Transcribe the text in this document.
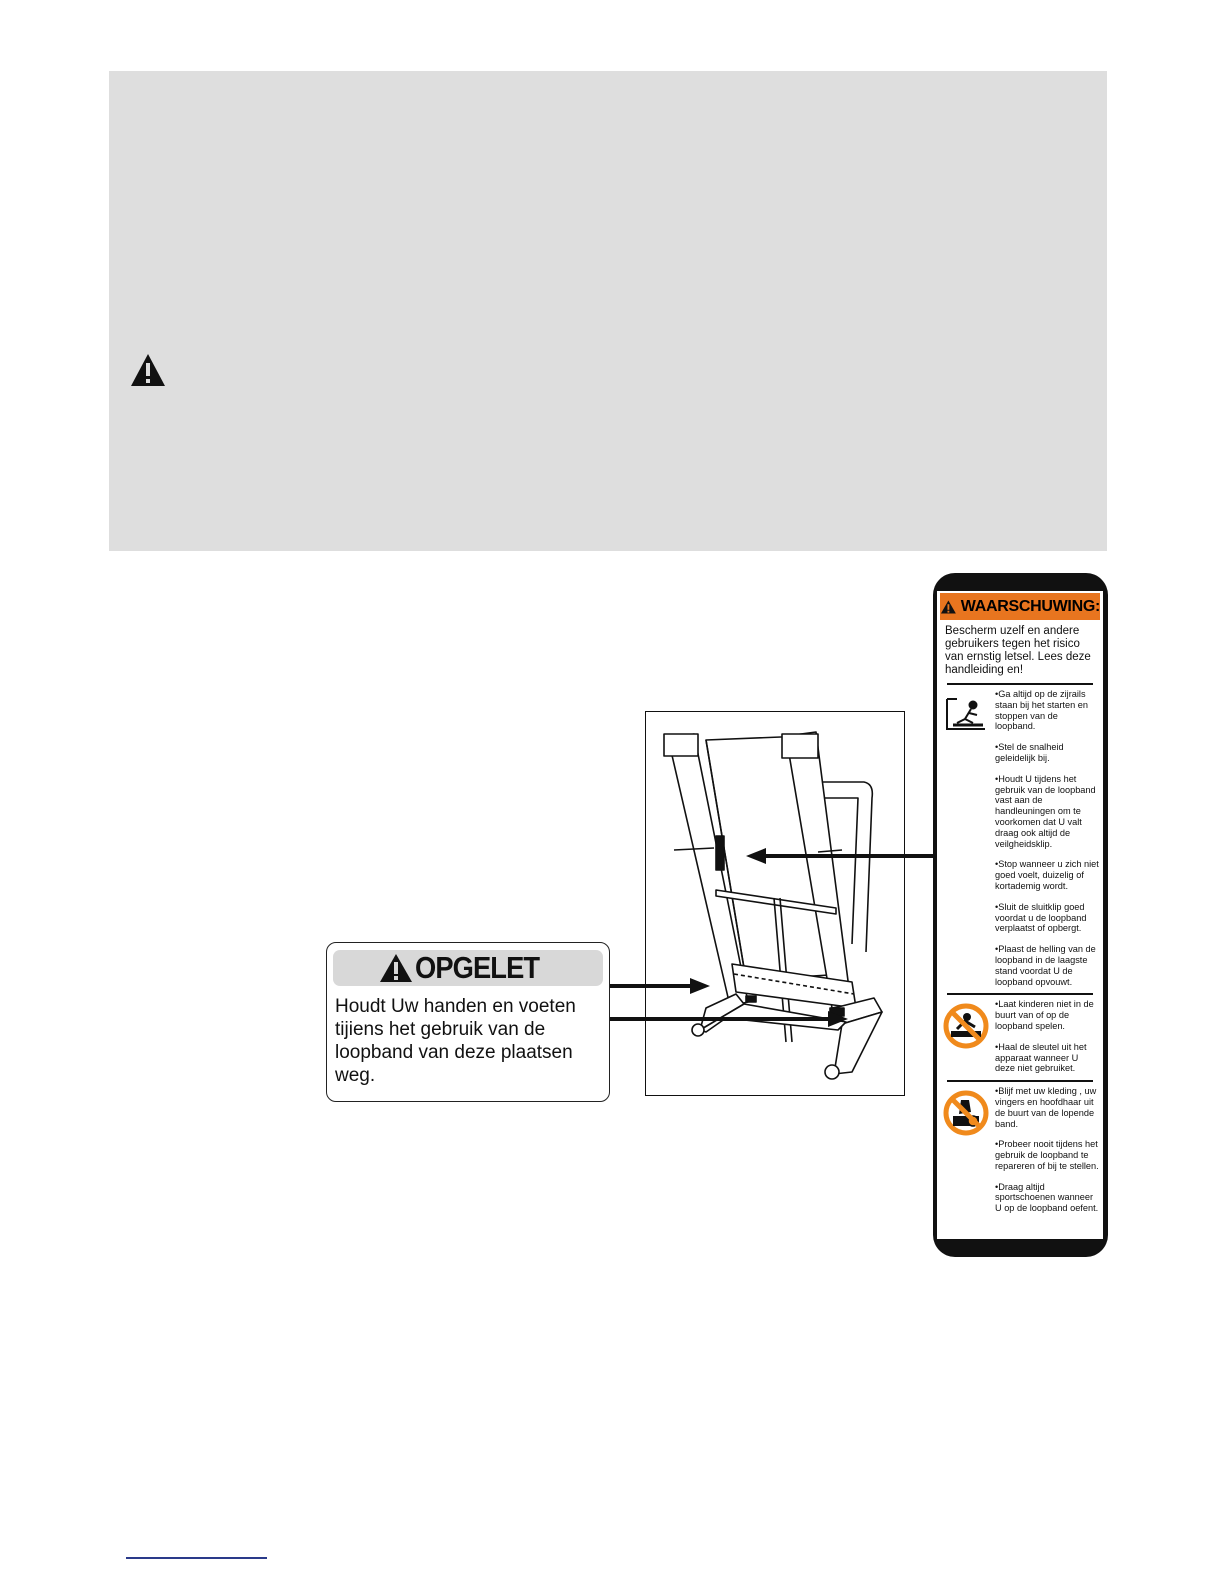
OPGELET
Houdt Uw handen en voeten tijiens het gebruik van de loopband van deze plaatsen weg.
WAARSCHUWING:
Bescherm uzelf en andere gebruikers tegen het risico van ernstig letsel. Lees deze handleiding en!

•Ga altijd op de zijrails staan bij het starten en stoppen van de loopband.

•Stel de snalheid geleidelijk bij.

•Houdt U tijdens het gebruik van de loopband vast aan de handleuningen om te voorkomen dat U valt draag ook altijd de veilgheidsklip.

•Stop wanneer u zich niet goed voelt, duizelig of kortademig wordt.

•Sluit de sluitklip goed voordat u de loopband verplaatst of opbergt.

•Plaast de helling van de loopband in de laagste stand voordat U de loopband opvouwt.

•Laat kinderen niet in de buurt van of op de loopband spelen.

•Haal de sleutel uit het apparaat wanneer U deze niet gebruiket.

•Blijf met uw kleding , uw vingers en hoofdhaar uit de buurt van de lopende band.

•Probeer nooit tijdens het gebruik de loopband te repareren of bij te stellen.

•Draag altijd sportschoenen wanneer U op de loopband oefent.
